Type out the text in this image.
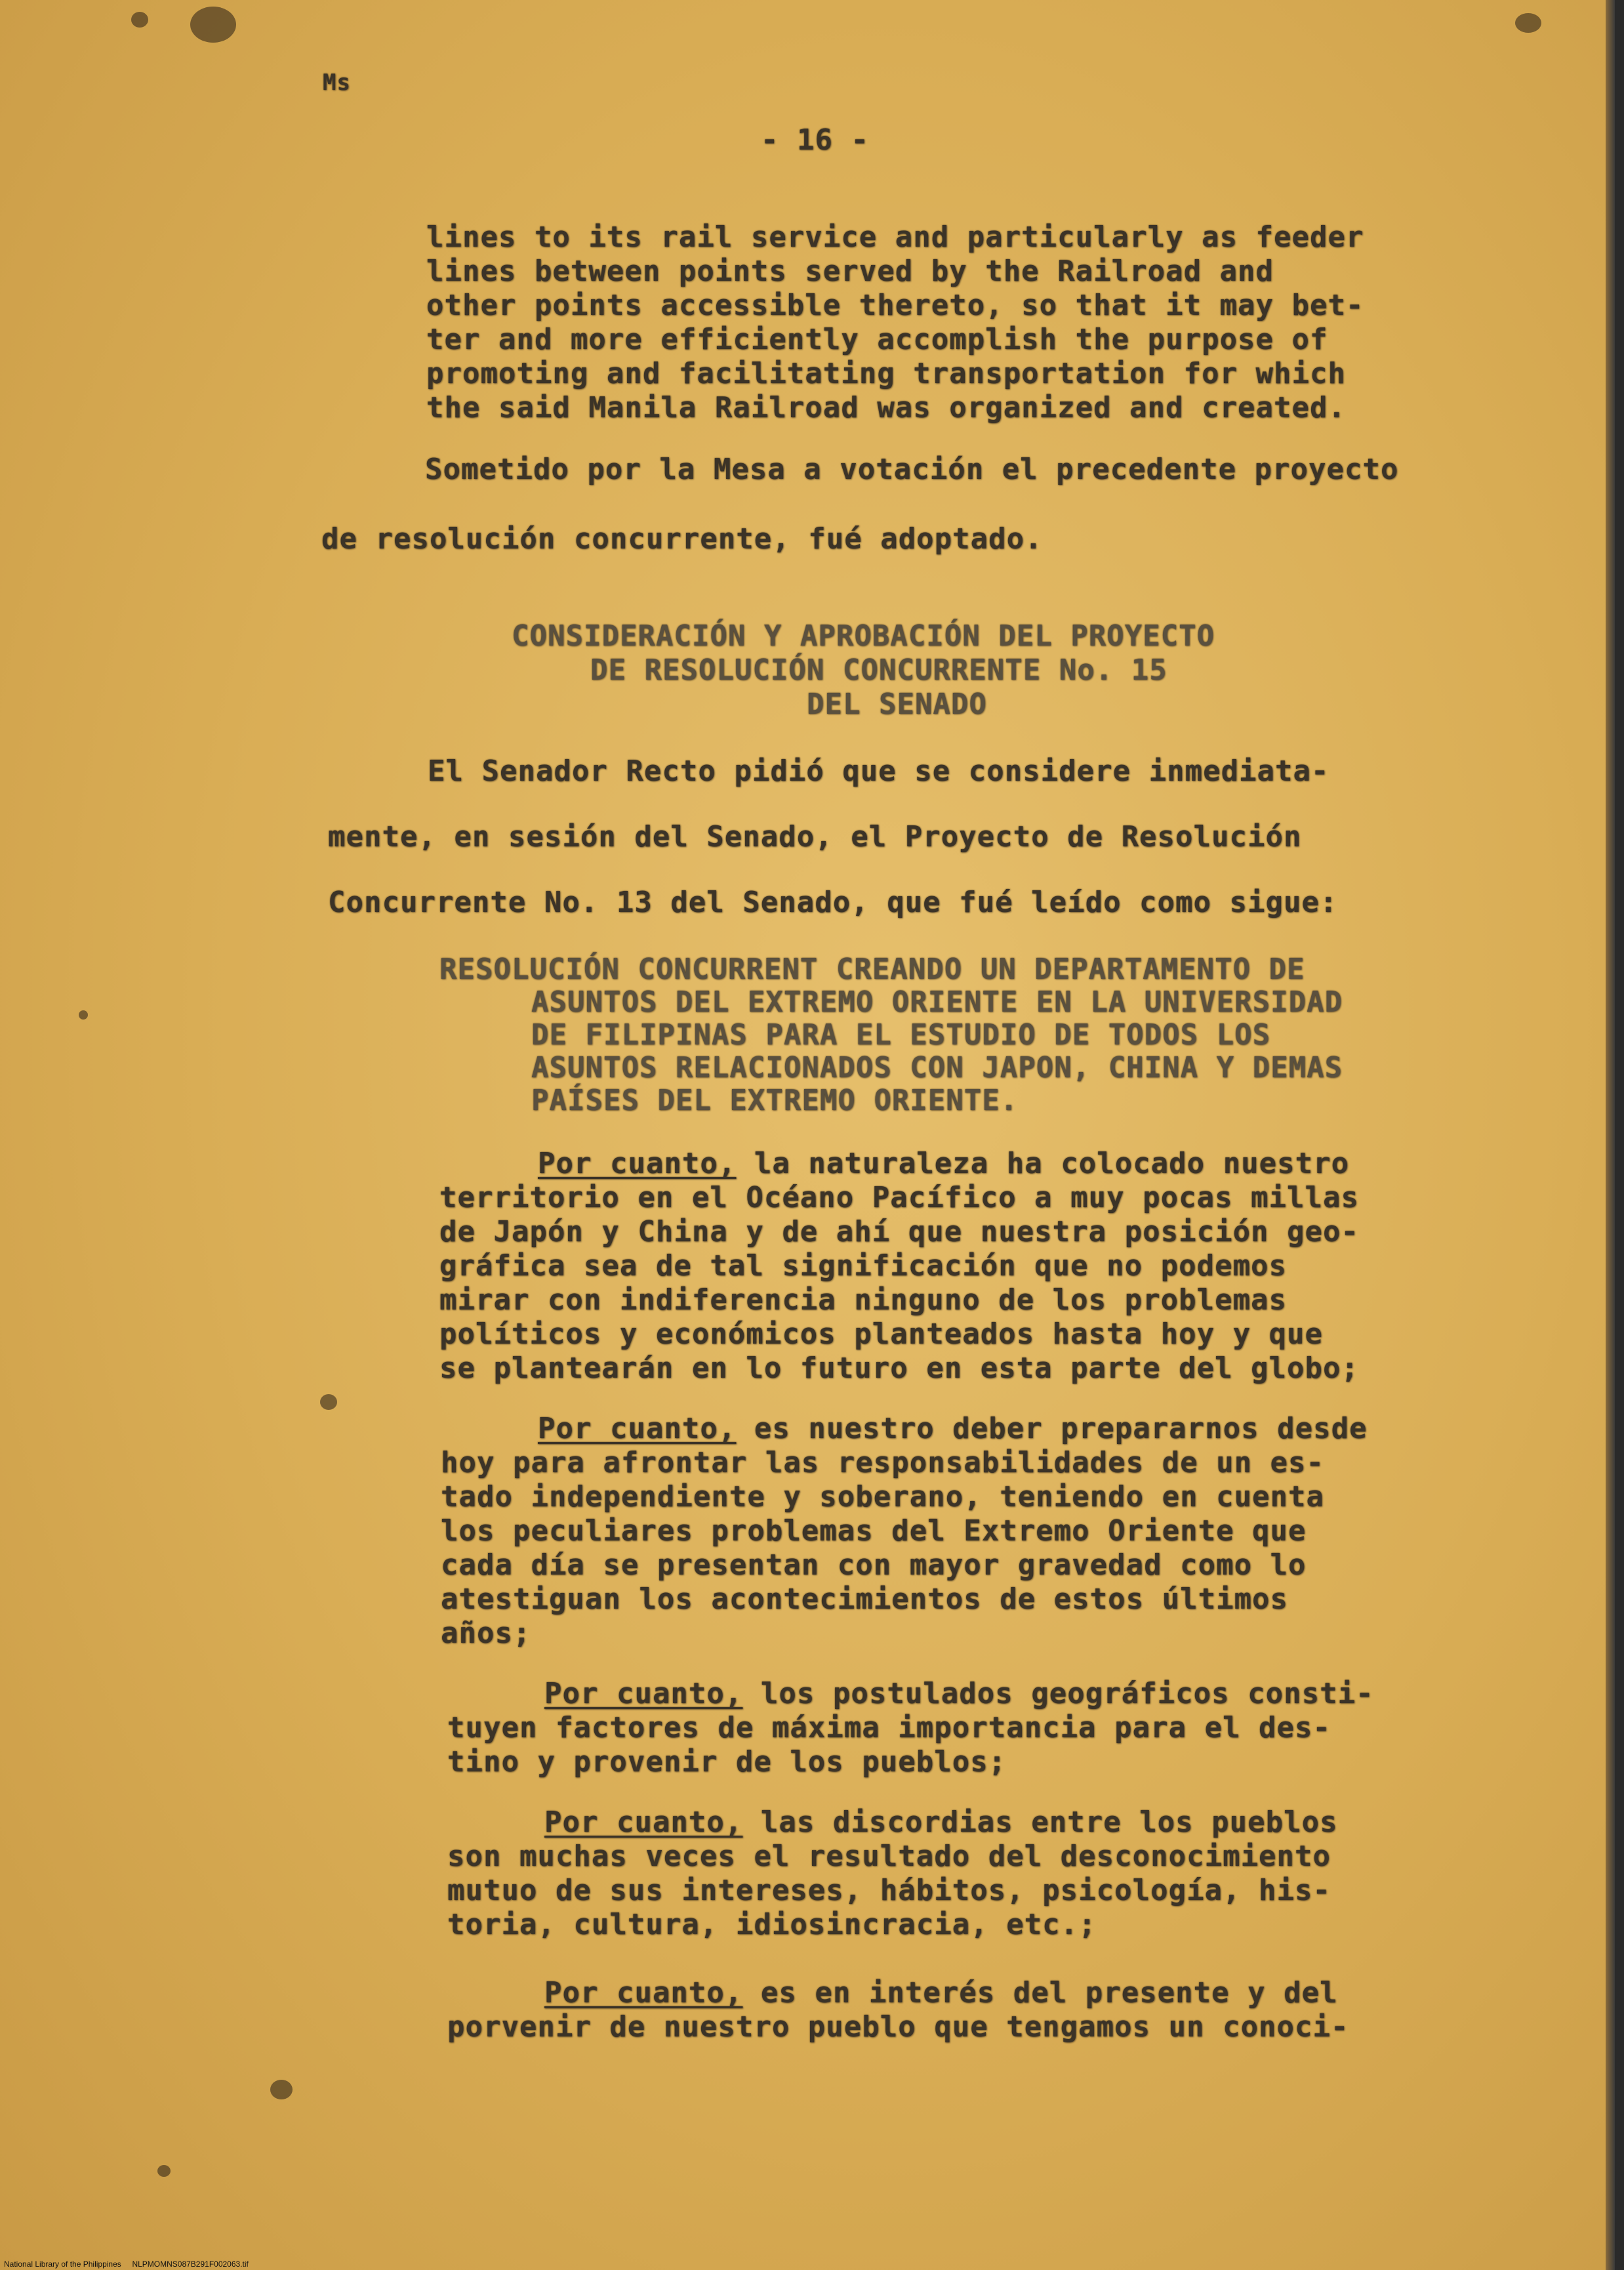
Ms
- 16 -
lines to its rail service and particularly as feeder
lines between points served by the Railroad and
other points accessible thereto, so that it may bet-
ter and more efficiently accomplish the purpose of
promoting and facilitating transportation for which
the said Manila Railroad was organized and created.
Sometido por la Mesa a votación el precedente proyecto
de resolución concurrente, fué adoptado.
CONSIDERACIÓN Y APROBACIÓN DEL PROYECTO
DE RESOLUCIÓN CONCURRENTE No. 15
DEL SENADO
El Senador Recto pidió que se considere inmediata-
mente, en sesión del Senado, el Proyecto de Resolución
Concurrente No. 13 del Senado, que fué leído como sigue:
RESOLUCIÓN CONCURRENT CREANDO UN DEPARTAMENTO DE
ASUNTOS DEL EXTREMO ORIENTE EN LA UNIVERSIDAD
DE FILIPINAS PARA EL ESTUDIO DE TODOS LOS
ASUNTOS RELACIONADOS CON JAPON, CHINA Y DEMAS
PAÍSES DEL EXTREMO ORIENTE.
Por cuanto, la naturaleza ha colocado nuestro
territorio en el Océano Pacífico a muy pocas millas
de Japón y China y de ahí que nuestra posición geo-
gráfica sea de tal significación que no podemos
mirar con indiferencia ninguno de los problemas
políticos y económicos planteados hasta hoy y que
se plantearán en lo futuro en esta parte del globo;
Por cuanto, es nuestro deber prepararnos desde
hoy para afrontar las responsabilidades de un es-
tado independiente y soberano, teniendo en cuenta
los peculiares problemas del Extremo Oriente que
cada día se presentan con mayor gravedad como lo
atestiguan los acontecimientos de estos últimos
años;
Por cuanto, los postulados geográficos consti-
tuyen factores de máxima importancia para el des-
tino y provenir de los pueblos;
Por cuanto, las discordias entre los pueblos
son muchas veces el resultado del desconocimiento
mutuo de sus intereses, hábitos, psicología, his-
toria, cultura, idiosincracia, etc.;
Por cuanto, es en interés del presente y del
porvenir de nuestro pueblo que tengamos un conoci-
National Library of the Philippines     NLPMOMNS087B291F002063.tif
